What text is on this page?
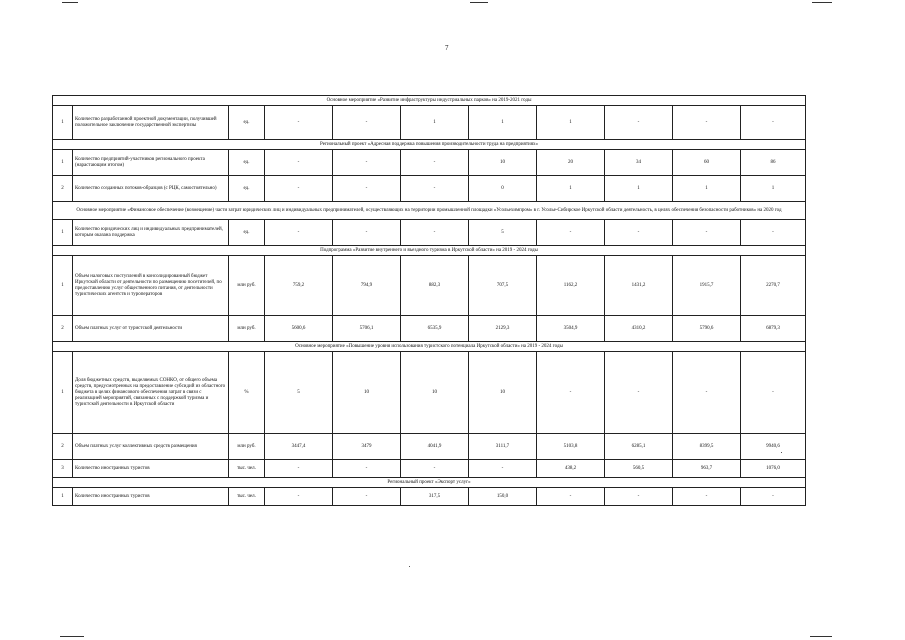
7
Основное мероприятие «Развитие инфраструктуры индустриальных парков» на 2019-2021 годы										
1	Количество разработанной проектной документации, получившей положительное заключение государственной экспертизы	ед.	-	-	1	1	1	-	-	-
Региональный проект «Адресная поддержка повышения производительности труда на предприятиях»										
1	Количество предприятий-участников регионального проекта (нарастающим итогом)	ед.	-	-	-	10	20	34	60	86
2	Количество созданных потоков-образцов (с РЦК, самостоятельно)	ед.	-	-	-	0	1	1	1	1
Основное мероприятие «Финансовое обеспечение (возмещение) части затрат юридических лиц и индивидуальных предпринимателей, осуществляющих на территории промышленной площадки «Усольехимпром» в г. Усолье-Сибирское Иркутской области деятельность, в целях обеспечения безопасности работников» на 2020 год										
1	Количество юридических лиц и индивидуальных предпринимателей, которым оказана поддержка	ед.	-	-	-	5	-	-	-	-
Подпрограмма «Развитие внутреннего и въездного туризма в Иркутской области» на 2019 - 2024 годы										
1	Объем налоговых поступлений в консолидированный бюджет Иркутской области от деятельности по размещению посетителей, по предоставлению услуг общественного питания, от деятельности туристических агентств и туроператоров	млн руб.	759,2	794,9	882,3	707,5	1162,2	1431,2	1915,7	2270,7
2	Объем платных услуг от туристской деятельности	млн руб.	5600,6	5706,1	6535,9	2129,3	3504,9	4310,2	5790,6	6879,3
Основное мероприятие «Повышение уровня использования туристского потенциала Иркутской области» на 2019 - 2024 годы										
1	Доля бюджетных средств, выделяемых СОНКО, от общего объема средств, предусмотренных на предоставление субсидий из областного бюджета в целях финансового обеспечения затрат в связи с реализацией мероприятий, связанных с поддержкой туризма и туристской деятельности в Иркутской области	%	5	10	10	10	-	-	-	-
2	Объем платных услуг коллективных средств размещения	млн руб.	3447,4	3479	4041,9	3111,7	5103,8	6285,1	8399,5	9940,6
3	Количество иностранных туристов	тыс. чел.	-	-	-	-	438,2	560,5	963,7	1076,0
Региональный проект «Экспорт услуг»										
1	Количество иностранных туристов	тыс. чел.	-	-	317,5	150,0	-	-	-	-
